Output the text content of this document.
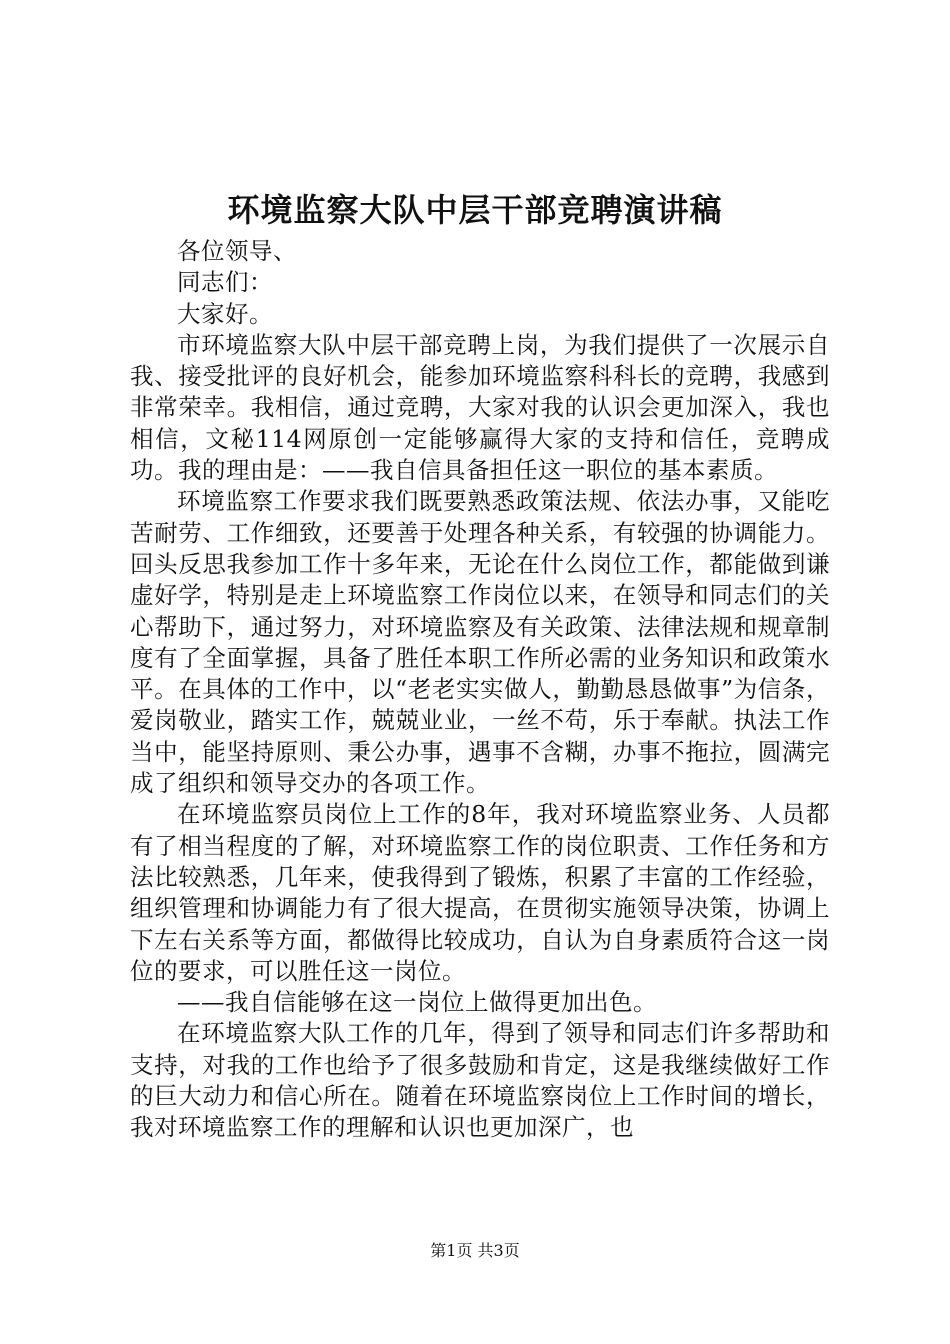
环境监察大队中层干部竞聘演讲稿

各位领导、

同志们：

大家好。

市环境监察大队中层干部竞聘上岗，为我们提供了一次展示自我、接受批评的良好机会，能参加环境监察科科长的竞聘，我感到非常荣幸。我相信，通过竞聘，大家对我的认识会更加深入，我也相信，文秘114网原创一定能够赢得大家的支持和信任，竞聘成功。我的理由是：——我自信具备担任这一职位的基本素质。

环境监察工作要求我们既要熟悉政策法规、依法办事，又能吃苦耐劳、工作细致，还要善于处理各种关系，有较强的协调能力。回头反思我参加工作十多年来，无论在什么岗位工作，都能做到谦虚好学，特别是走上环境监察工作岗位以来，在领导和同志们的关心帮助下，通过努力，对环境监察及有关政策、法律法规和规章制度有了全面掌握，具备了胜任本职工作所必需的业务知识和政策水平。在具体的工作中，以“老老实实做人，勤勤恳恳做事”为信条，爱岗敬业，踏实工作，兢兢业业，一丝不苟，乐于奉献。执法工作当中，能坚持原则、秉公办事，遇事不含糊，办事不拖拉，圆满完成了组织和领导交办的各项工作。

在环境监察员岗位上工作的8年，我对环境监察业务、人员都有了相当程度的了解，对环境监察工作的岗位职责、工作任务和方法比较熟悉，几年来，使我得到了锻炼，积累了丰富的工作经验，组织管理和协调能力有了很大提高，在贯彻实施领导决策，协调上下左右关系等方面，都做得比较成功，自认为自身素质符合这一岗位的要求，可以胜任这一岗位。

——我自信能够在这一岗位上做得更加出色。

在环境监察大队工作的几年，得到了领导和同志们许多帮助和支持，对我的工作也给予了很多鼓励和肯定，这是我继续做好工作的巨大动力和信心所在。随着在环境监察岗位上工作时间的增长，我对环境监察工作的理解和认识也更加深广，也

第1页 共3页
